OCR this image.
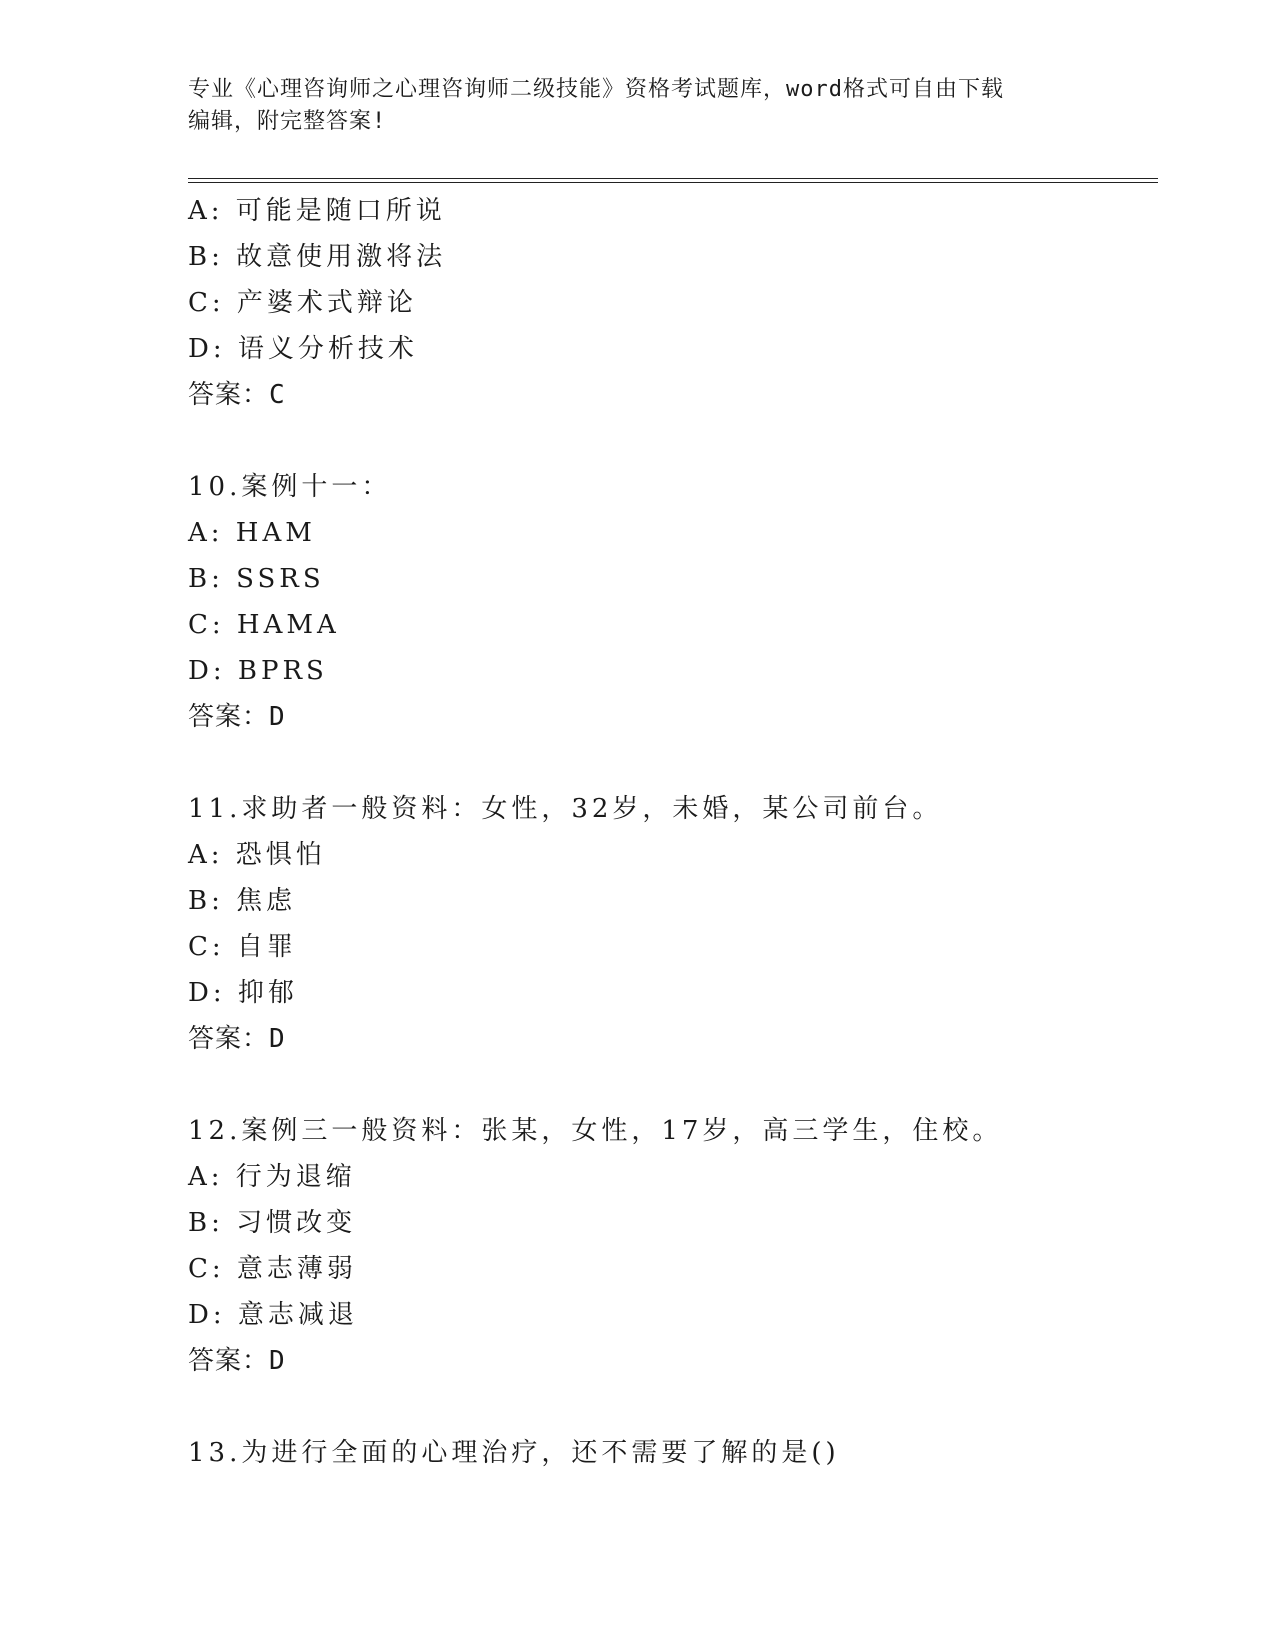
专业《心理咨询师之心理咨询师二级技能》资格考试题库，word格式可自由下载
编辑，附完整答案!
A: 可能是随口所说
B: 故意使用激将法
C: 产婆术式辩论
D: 语义分析技术
答案：C
10.案例十一：
A: HAM
B: SSRS
C: HAMA
D: BPRS
答案：D
11.求助者一般资料：女性，32岁，未婚，某公司前台。
A: 恐惧怕
B: 焦虑
C: 自罪
D: 抑郁
答案：D
12.案例三一般资料：张某，女性，17岁，高三学生，住校。
A: 行为退缩
B: 习惯改变
C: 意志薄弱
D: 意志减退
答案：D
13.为进行全面的心理治疗，还不需要了解的是()
